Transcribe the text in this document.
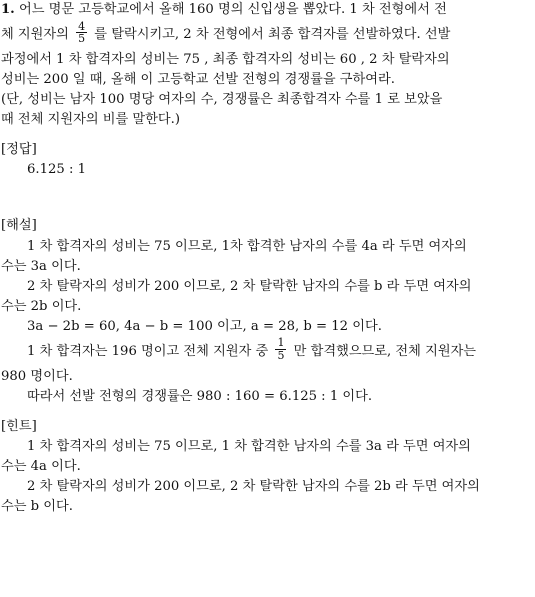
1. 어느 명문 고등학교에서 올해 160 명의 신입생을 뽑았다. 1 차 전형에서 전

체 지원자의 $\frac{4}{5}$ 를 탈락시키고, 2 차 전형에서 최종 합격자를 선발하였다. 선발

과정에서 1 차 합격자의 성비는 75 , 최종 합격자의 성비는 60 , 2 차 탈락자의

성비는 200 일 때, 올해 이 고등학교 선발 전형의 경쟁률을 구하여라.

(단, 성비는 남자 100 명당 여자의 수, 경쟁률은 최종합격자 수를 1 로 보았을

때 전체 지원자의 비를 말한다.)

[정답]

6.125 : 1

[해설]

1 차 합격자의 성비는 75 이므로, 1차 합격한 남자의 수를 4a 라 두면 여자의

수는 3a 이다.

2 차 탈락자의 성비가 200 이므로, 2 차 탈락한 남자의 수를 b 라 두면 여자의

수는 2b 이다.

3a − 2b = 60, 4a − b = 100 이고, a = 28, b = 12 이다.

1 차 합격자는 196 명이고 전체 지원자 중 $\frac{1}{5}$ 만 합격했으므로, 전체 지원자는

980 명이다.

따라서 선발 전형의 경쟁률은 980 : 160 = 6.125 : 1 이다.

[힌트]

1 차 합격자의 성비는 75 이므로, 1 차 합격한 남자의 수를 3a 라 두면 여자의

수는 4a 이다.

2 차 탈락자의 성비가 200 이므로, 2 차 탈락한 남자의 수를 2b 라 두면 여자의

수는 b 이다.
